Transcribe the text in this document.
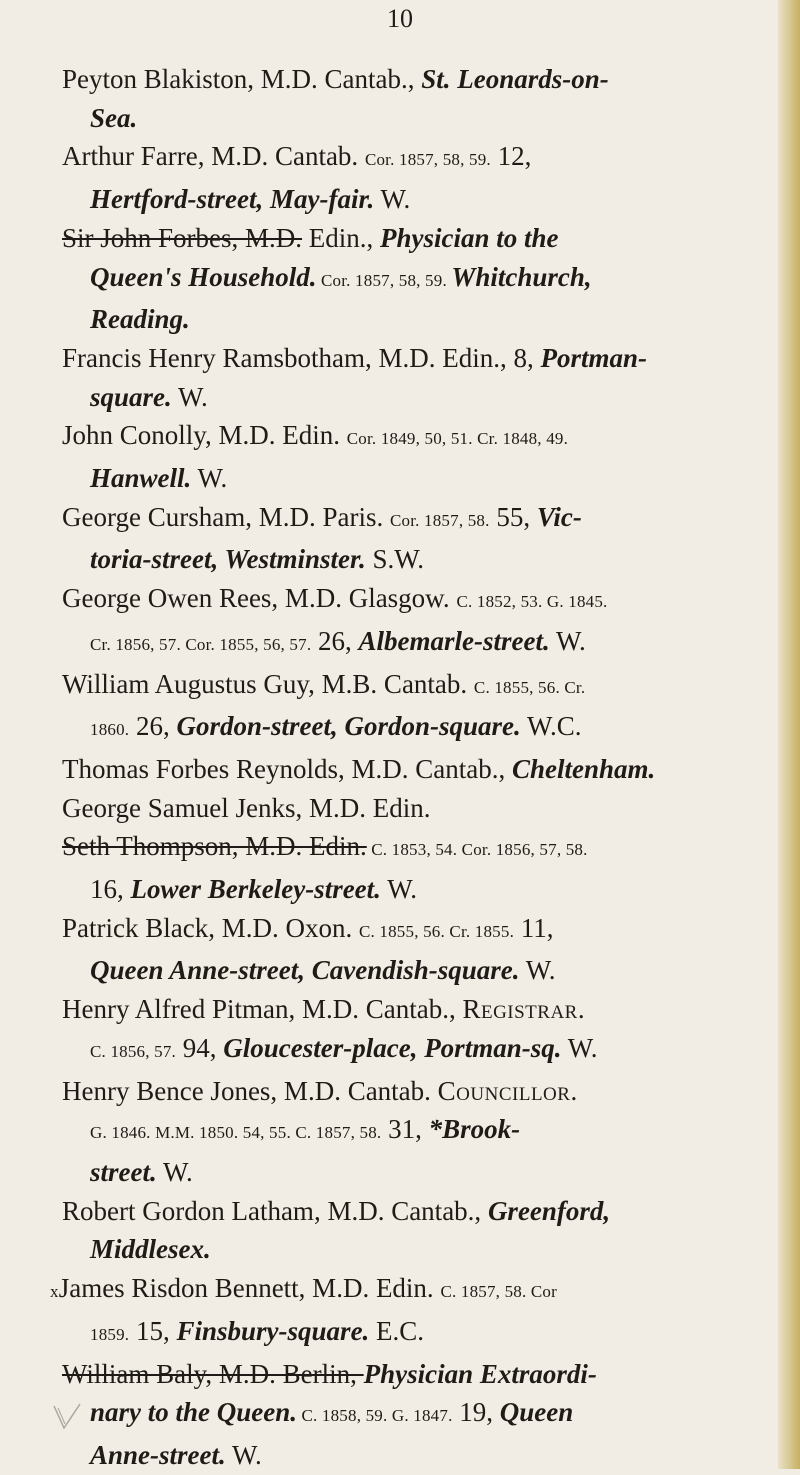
10
Peyton Blakiston, M.D. Cantab., St. Leonards-on-
Sea.
Arthur Farre, M.D. Cantab. Cor. 1857, 58, 59. 12,
Hertford-street, May-fair. W.
Sir John Forbes, M.D. Edin., Physician to the
Queen's Household. Cor. 1857, 58, 59. Whitchurch,
Reading.
Francis Henry Ramsbotham, M.D. Edin., 8, Portman-
square. W.
John Conolly, M.D. Edin. Cor. 1849, 50, 51. Cr. 1848, 49.
Hanwell. W.
George Cursham, M.D. Paris. Cor. 1857, 58. 55, Vic-
toria-street, Westminster. S.W.
George Owen Rees, M.D. Glasgow. C. 1852, 53. G. 1845.
Cr. 1856, 57. Cor. 1855, 56, 57. 26, Albemarle-street. W.
William Augustus Guy, M.B. Cantab. C. 1855, 56. Cr.
1860. 26, Gordon-street, Gordon-square. W.C.
Thomas Forbes Reynolds, M.D. Cantab., Cheltenham.
George Samuel Jenks, M.D. Edin.
Seth Thompson, M.D. Edin. C. 1853, 54. Cor. 1856, 57, 58.
16, Lower Berkeley-street. W.
Patrick Black, M.D. Oxon. C. 1855, 56. Cr. 1855. 11,
Queen Anne-street, Cavendish-square. W.
Henry Alfred Pitman, M.D. Cantab., Registrar.
C. 1856, 57. 94, Gloucester-place, Portman-sq. W.
Henry Bence Jones, M.D. Cantab. Councillor.
G. 1846. M.M. 1850. 54, 55. C. 1857, 58. 31, *Brook-
street. W.
Robert Gordon Latham, M.D. Cantab., Greenford,
Middlesex.
xJames Risdon Bennett, M.D. Edin. C. 1857, 58. Cor
1859. 15, Finsbury-square. E.C.
William Baly, M.D. Berlin, Physician Extraordi-
nary to the Queen. C. 1858, 59. G. 1847. 19, Queen
Anne-street. W.
